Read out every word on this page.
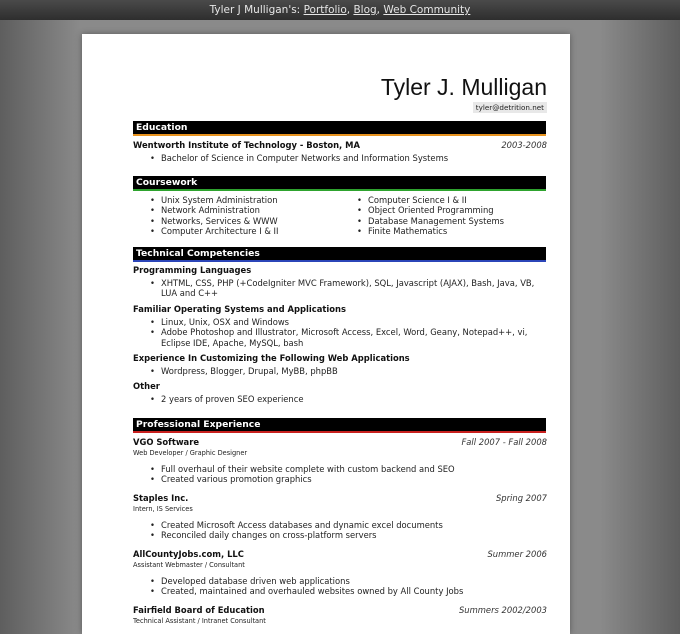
Tyler J Mulligan's: Portfolio, Blog, Web Community
Tyler J. Mulligan
tyler@detrition.net
Education
Wentworth Institute of Technology - Boston, MA	2003-2008
• Bachelor of Science in Computer Networks and Information Systems
Coursework
• Unix System Administration
• Network Administration
• Networks, Services & WWW
• Computer Architecture I & II
• Computer Science I & II
• Object Oriented Programming
• Database Management Systems
• Finite Mathematics
Technical Competencies
Programming Languages
• XHTML, CSS, PHP (+CodeIgniter MVC Framework), SQL, Javascript (AJAX), Bash, Java, VB, LUA and C++
Familiar Operating Systems and Applications
• Linux, Unix, OSX and Windows
• Adobe Photoshop and Illustrator, Microsoft Access, Excel, Word, Geany, Notepad++, vi, Eclipse IDE, Apache, MySQL, bash
Experience In Customizing the Following Web Applications
• Wordpress, Blogger, Drupal, MyBB, phpBB
Other
• 2 years of proven SEO experience
Professional Experience
VGO Software	Fall 2007 - Fall 2008
Web Developer / Graphic Designer
• Full overhaul of their website complete with custom backend and SEO
• Created various promotion graphics
Staples Inc.	Spring 2007
Intern, IS Services
• Created Microsoft Access databases and dynamic excel documents
• Reconciled daily changes on cross-platform servers
AllCountyJobs.com, LLC	Summer 2006
Assistant Webmaster / Consultant
• Developed database driven web applications
• Created, maintained and overhauled websites owned by All County Jobs
Fairfield Board of Education	Summers 2002/2003
Technical Assistant / Intranet Consultant
